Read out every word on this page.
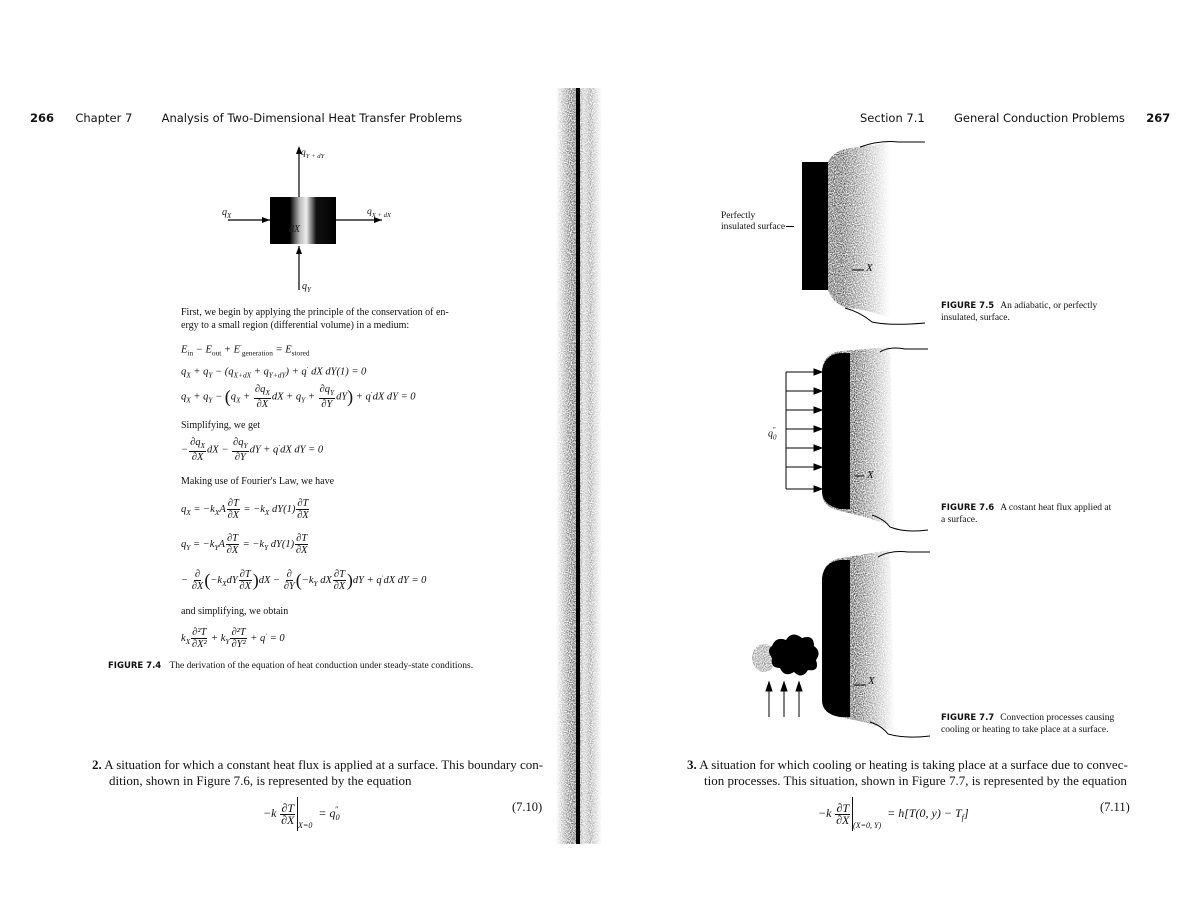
266 Chapter 7	Analysis of Two-Dimensional Heat Transfer Problems
$q_{Y + dY}$
$q_X$	$q_{X + dX}$
dX
$q_Y$
First, we begin by applying the principle of the conservation of en-
ergy to a small region (differential volume) in a medium:
$E_{in} - E_{out} + E^\cdot_{generation} = E_{stored}$
$q_X + q_Y - (q_{X+dX} + q_{Y+dY}) + q^\cdot$ dX dY(1) = 0
$q_X + q_Y - (q_X + \frac{\partial q_X}{\partial X}$ dX + $q_Y + \frac{\partial q_Y}{\partial Y} dY) + q^\cdot dX$ dY = 0
Simplifying, we get
− $\frac{\partial q_X}{\partial X}$ dX − $\frac{\partial q_Y}{\partial Y}$ dY + q·dX dY = 0
Making use of Fourier's Law, we have
$q_X = -k_XA \frac{\partial T}{\partial X} = -k_X$ $dY(1) \frac{\partial T}{\partial X}$
$q_Y = -k_YA \frac{\partial T}{\partial X} = -k_Y$ $dY(1) \frac{\partial T}{\partial X}$
− $\frac{\partial}{\partial X} (-k_XdY \frac{\partial T}{\partial X} )dX - \frac{\partial}{\partial Y} (-k_Y$ dX $\frac{\partial T}{\partial X} )dY + q^\cdot dX$ dY = 0
and simplifying, we obtain
$k_X \frac{\text{∂²T}}{\text{∂X²}} + k_Y \frac{\text{∂²T}}{\text{∂Y²}} + q^\cdot = 0$
FIGURE 7.4 The derivation of the equation of heat conduction under steady-state conditions.
2. A situation for which a constant heat flux is applied at a surface. This boundary con-
dition, shown in Figure 7.6, is represented by the equation
$-k \frac{\partial T}{\partial X}$
$_{X=0} = q_0''$	(7.10)
Section 7.1	General Conduction Problems 267
X
Perfectly
insulated surface
FIGURE 7.5 An adiabatic, or perfectly
insulated, surface.
X
$q_0''$
FIGURE 7.6 A costant heat flux applied at
a surface.
X
FIGURE 7.7 Convection processes causing
cooling or heating to take place at a surface.
3. A situation for which cooling or heating is taking place at a surface due to convec-
tion processes. This situation, shown in Figure 7.7, is represented by the equation
$-k \frac{\partial T}{\partial X}$
$_{(X=0, Y)}$  = h[T(0, $y) - T_f$]	(7.11)
